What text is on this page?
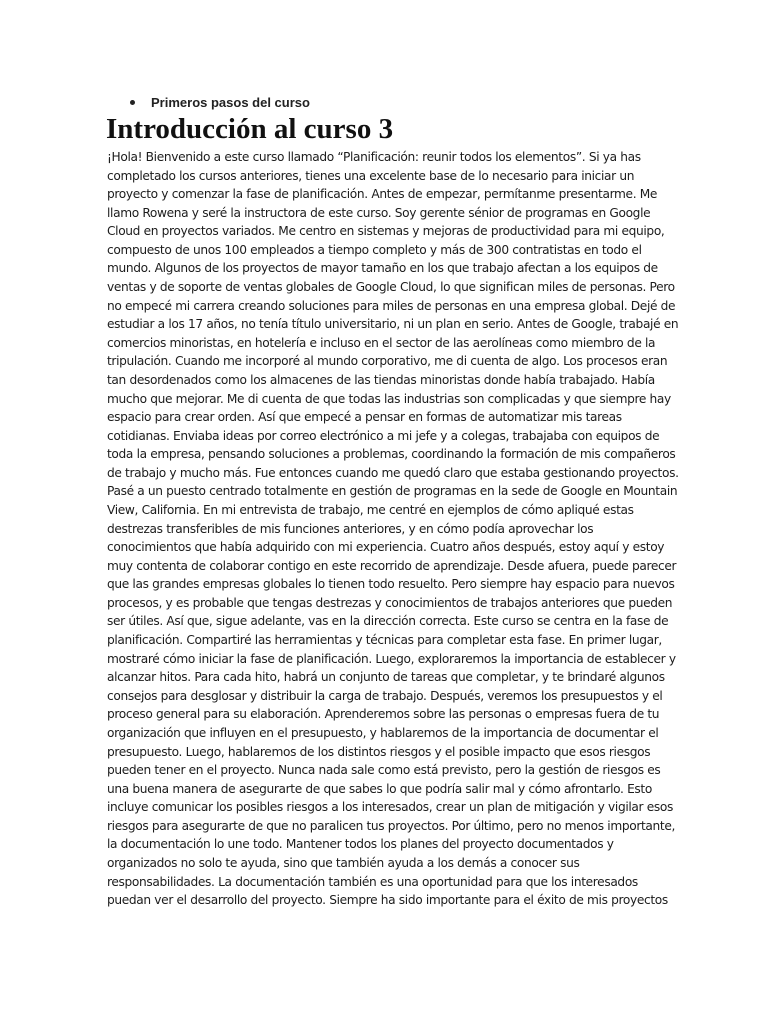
Primeros pasos del curso
Introducción al curso 3
¡Hola! Bienvenido a este curso llamado “Planificación: reunir todos los elementos”. Si ya has
completado los cursos anteriores, tienes una excelente base de lo necesario para iniciar un
proyecto y comenzar la fase de planificación. Antes de empezar, permítanme presentarme. Me
llamo Rowena y seré la instructora de este curso. Soy gerente sénior de programas en Google
Cloud en proyectos variados. Me centro en sistemas y mejoras de productividad para mi equipo,
compuesto de unos 100 empleados a tiempo completo y más de 300 contratistas en todo el
mundo. Algunos de los proyectos de mayor tamaño en los que trabajo afectan a los equipos de
ventas y de soporte de ventas globales de Google Cloud, lo que significan miles de personas. Pero
no empecé mi carrera creando soluciones para miles de personas en una empresa global. Dejé de
estudiar a los 17 años, no tenía título universitario, ni un plan en serio. Antes de Google, trabajé en
comercios minoristas, en hotelería e incluso en el sector de las aerolíneas como miembro de la
tripulación. Cuando me incorporé al mundo corporativo, me di cuenta de algo. Los procesos eran
tan desordenados como los almacenes de las tiendas minoristas donde había trabajado. Había
mucho que mejorar. Me di cuenta de que todas las industrias son complicadas y que siempre hay
espacio para crear orden. Así que empecé a pensar en formas de automatizar mis tareas
cotidianas. Enviaba ideas por correo electrónico a mi jefe y a colegas, trabajaba con equipos de
toda la empresa, pensando soluciones a problemas, coordinando la formación de mis compañeros
de trabajo y mucho más. Fue entonces cuando me quedó claro que estaba gestionando proyectos.
Pasé a un puesto centrado totalmente en gestión de programas en la sede de Google en Mountain
View, California. En mi entrevista de trabajo, me centré en ejemplos de cómo apliqué estas
destrezas transferibles de mis funciones anteriores, y en cómo podía aprovechar los
conocimientos que había adquirido con mi experiencia. Cuatro años después, estoy aquí y estoy
muy contenta de colaborar contigo en este recorrido de aprendizaje. Desde afuera, puede parecer
que las grandes empresas globales lo tienen todo resuelto. Pero siempre hay espacio para nuevos
procesos, y es probable que tengas destrezas y conocimientos de trabajos anteriores que pueden
ser útiles. Así que, sigue adelante, vas en la dirección correcta. Este curso se centra en la fase de
planificación. Compartiré las herramientas y técnicas para completar esta fase. En primer lugar,
mostraré cómo iniciar la fase de planificación. Luego, exploraremos la importancia de establecer y
alcanzar hitos. Para cada hito, habrá un conjunto de tareas que completar, y te brindaré algunos
consejos para desglosar y distribuir la carga de trabajo. Después, veremos los presupuestos y el
proceso general para su elaboración. Aprenderemos sobre las personas o empresas fuera de tu
organización que influyen en el presupuesto, y hablaremos de la importancia de documentar el
presupuesto. Luego, hablaremos de los distintos riesgos y el posible impacto que esos riesgos
pueden tener en el proyecto. Nunca nada sale como está previsto, pero la gestión de riesgos es
una buena manera de asegurarte de que sabes lo que podría salir mal y cómo afrontarlo. Esto
incluye comunicar los posibles riesgos a los interesados, crear un plan de mitigación y vigilar esos
riesgos para asegurarte de que no paralicen tus proyectos. Por último, pero no menos importante,
la documentación lo une todo. Mantener todos los planes del proyecto documentados y
organizados no solo te ayuda, sino que también ayuda a los demás a conocer sus
responsabilidades. La documentación también es una oportunidad para que los interesados
puedan ver el desarrollo del proyecto. Siempre ha sido importante para el éxito de mis proyectos
